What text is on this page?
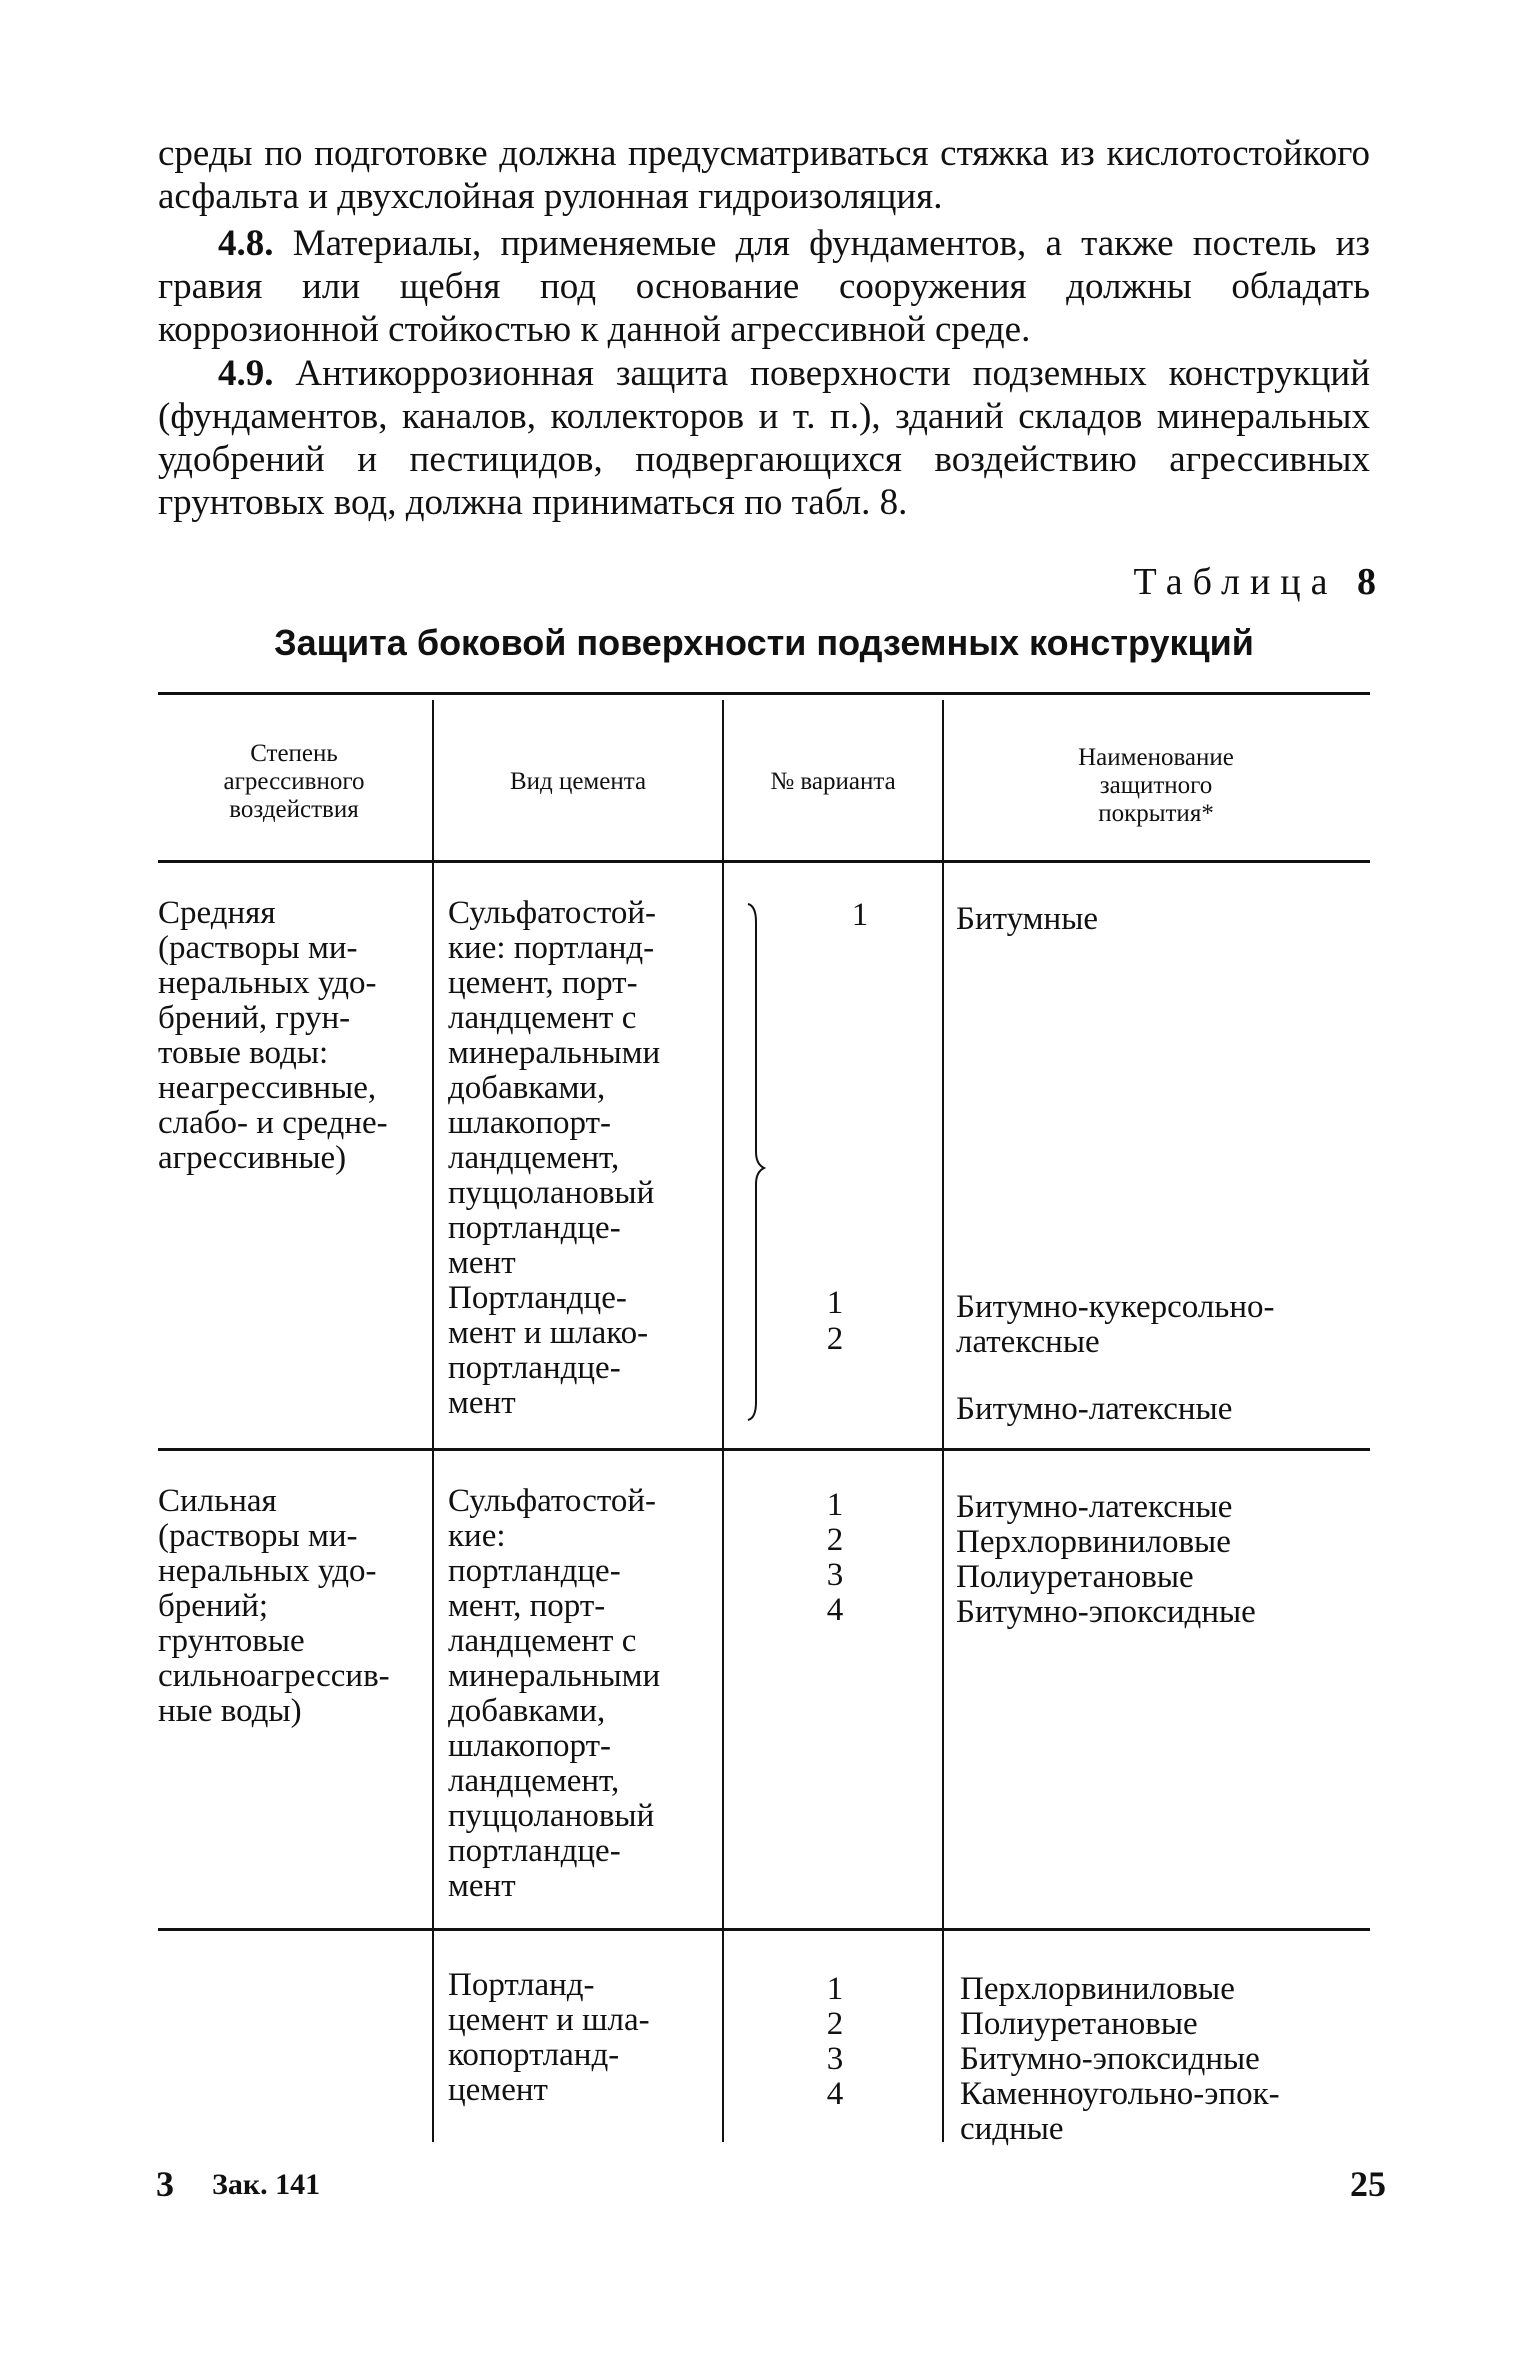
среды по подготовке должна предусматриваться стяжка из кислотостойкого асфальта и двухслойная рулонная гидроизоляция.

4.8. Материалы, применяемые для фундаментов, а также постель из гравия или щебня под основание сооружения должны обладать коррозионной стойкостью к данной агрессивной среде.

4.9. Антикоррозионная защита поверхности подземных конструкций (фундаментов, каналов, коллекторов и т. п.), зданий складов минеральных удобрений и пестицидов, подвергающихся воздействию агрессивных грунтовых вод, должна приниматься по табл. 8.

Таблица 8
Защита боковой поверхности подземных конструкций
Степень
агрессивного
воздействия
Вид цемента	№ варианта
Наименование
защитного
покрытия*
Средняя
(растворы ми-
неральных удо-
брений, грун-
товые воды:
неагрессивные,
слабо- и средне-
агрессивные)
Сульфатостой-
кие: портланд-
цемент, порт-
ландцемент с
минеральными
добавками,
шлакопорт-
ландцемент,
пуццолановый
портландце-
мент
Портландце-
мент и шлако-
портландце-
мент
1
1
2
Битумные
Битумно-кукерсольно-
латексные
Битумно-латексные
Сильная
(растворы ми-
неральных удо-
брений;
грунтовые
сильноагрессив-
ные воды)
Сульфатостой-
кие:
портландце-
мент, порт-
ландцемент с
минеральными
добавками,
шлакопорт-
ландцемент,
пуццолановый
портландце-
мент
1
2
3
4
Битумно-латексные
Перхлорвиниловые
Полиуретановые
Битумно-эпоксидные
Портланд-
цемент и шла-
копортланд-
цемент
1
2
3
4
Перхлорвиниловые
Полиуретановые
Битумно-эпоксидные
Каменноугольно-эпок-
сидные
3 Зак. 141	25
